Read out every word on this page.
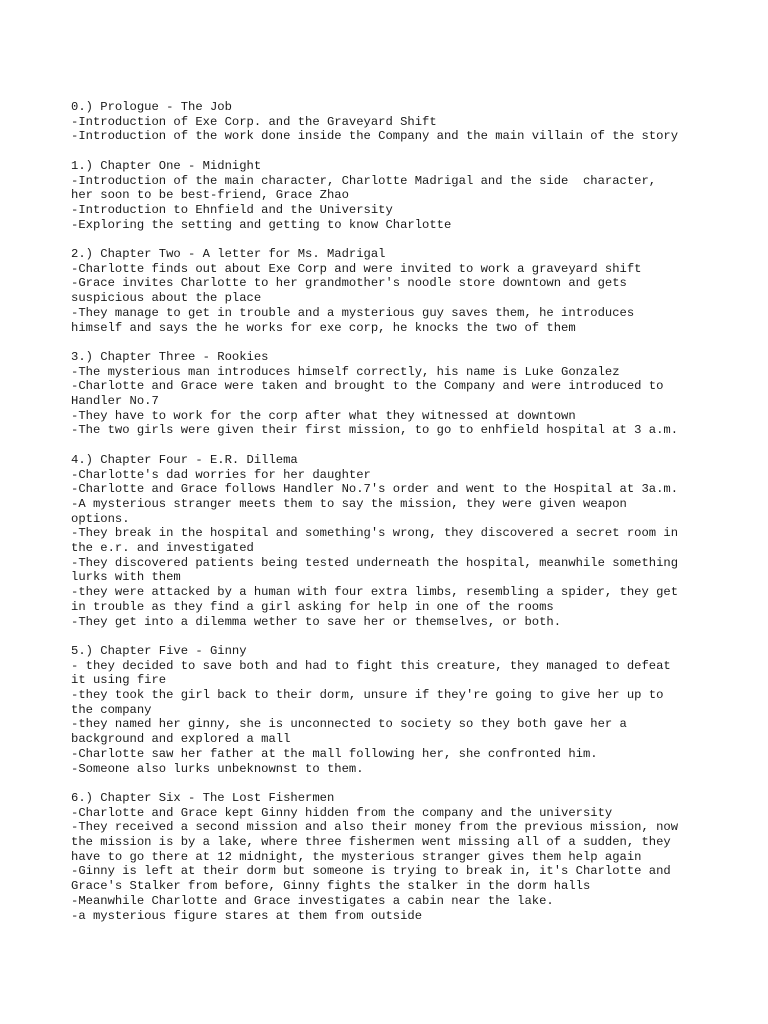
0.) Prologue - The Job
-Introduction of Exe Corp. and the Graveyard Shift
-Introduction of the work done inside the Company and the main villain of the story
1.) Chapter One - Midnight
-Introduction of the main character, Charlotte Madrigal and the side  character,
her soon to be best-friend, Grace Zhao
-Introduction to Ehnfield and the University
-Exploring the setting and getting to know Charlotte
2.) Chapter Two - A letter for Ms. Madrigal
-Charlotte finds out about Exe Corp and were invited to work a graveyard shift
-Grace invites Charlotte to her grandmother's noodle store downtown and gets
suspicious about the place
-They manage to get in trouble and a mysterious guy saves them, he introduces
himself and says the he works for exe corp, he knocks the two of them
3.) Chapter Three - Rookies
-The mysterious man introduces himself correctly, his name is Luke Gonzalez
-Charlotte and Grace were taken and brought to the Company and were introduced to
Handler No.7
-They have to work for the corp after what they witnessed at downtown
-The two girls were given their first mission, to go to enhfield hospital at 3 a.m.
4.) Chapter Four - E.R. Dillema
-Charlotte's dad worries for her daughter
-Charlotte and Grace follows Handler No.7's order and went to the Hospital at 3a.m.
-A mysterious stranger meets them to say the mission, they were given weapon
options.
-They break in the hospital and something's wrong, they discovered a secret room in
the e.r. and investigated
-They discovered patients being tested underneath the hospital, meanwhile something
lurks with them
-they were attacked by a human with four extra limbs, resembling a spider, they get
in trouble as they find a girl asking for help in one of the rooms
-They get into a dilemma wether to save her or themselves, or both.
5.) Chapter Five - Ginny
- they decided to save both and had to fight this creature, they managed to defeat
it using fire
-they took the girl back to their dorm, unsure if they're going to give her up to
the company
-they named her ginny, she is unconnected to society so they both gave her a
background and explored a mall
-Charlotte saw her father at the mall following her, she confronted him.
-Someone also lurks unbeknownst to them.
6.) Chapter Six - The Lost Fishermen
-Charlotte and Grace kept Ginny hidden from the company and the university
-They received a second mission and also their money from the previous mission, now
the mission is by a lake, where three fishermen went missing all of a sudden, they
have to go there at 12 midnight, the mysterious stranger gives them help again
-Ginny is left at their dorm but someone is trying to break in, it's Charlotte and
Grace's Stalker from before, Ginny fights the stalker in the dorm halls
-Meanwhile Charlotte and Grace investigates a cabin near the lake.
-a mysterious figure stares at them from outside
